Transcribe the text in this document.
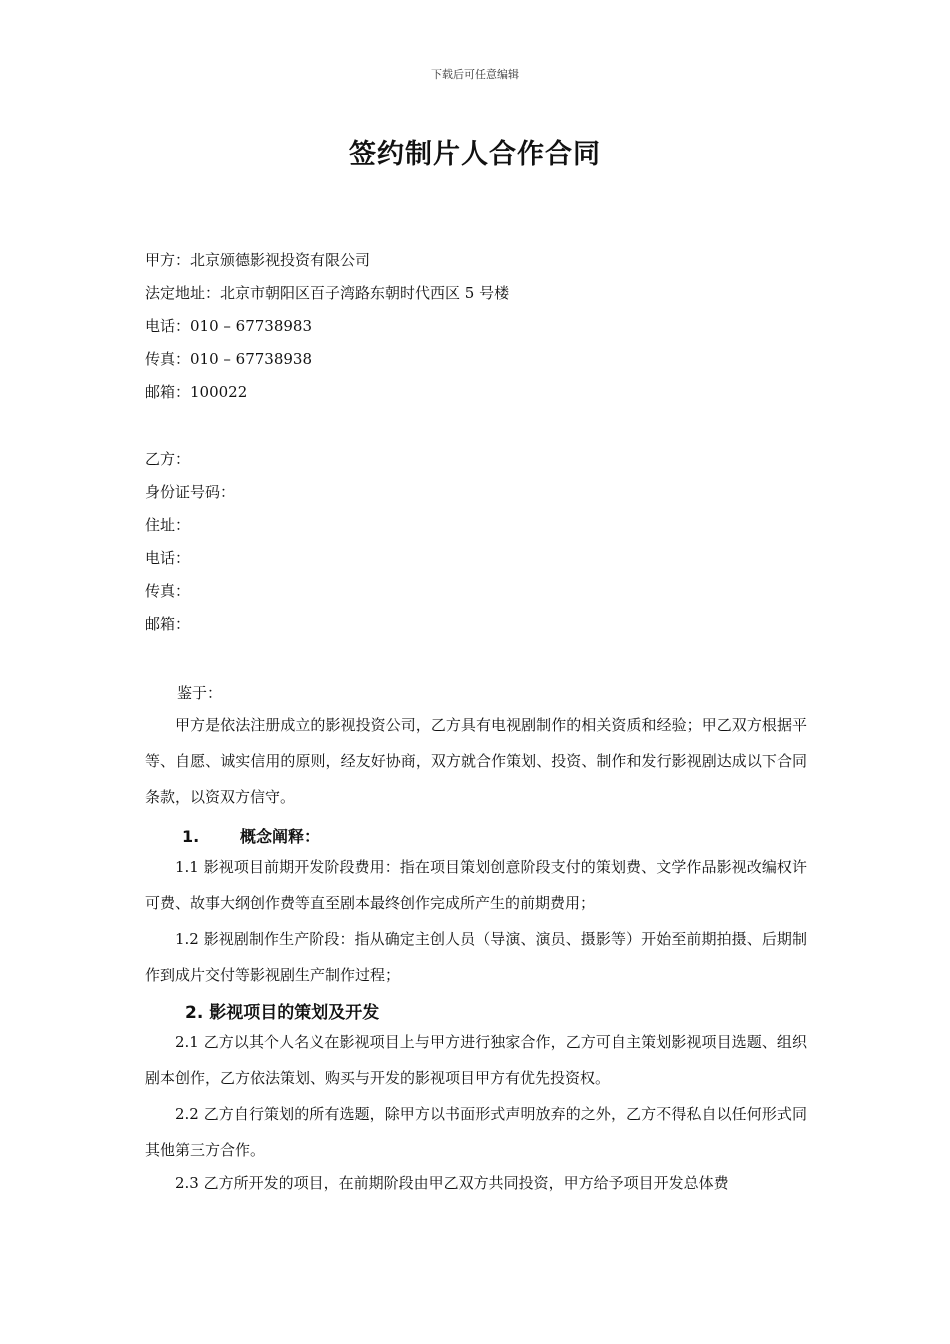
下载后可任意编辑
签约制片人合作合同
甲方：北京颁德影视投资有限公司
法定地址：北京市朝阳区百子湾路东朝时代西区 5 号楼
电话：010 – 67738983
传真：010 – 67738938
邮箱：100022
乙方：
身份证号码：
住址：
电话：
传真：
邮箱：
鉴于：
甲方是依法注册成立的影视投资公司，乙方具有电视剧制作的相关资质和经验；甲乙双方根据平等、自愿、诚实信用的原则，经友好协商，双方就合作策划、投资、制作和发行影视剧达成以下合同条款，以资双方信守。
1.	概念阐释：
1.1 影视项目前期开发阶段费用：指在项目策划创意阶段支付的策划费、文学作品影视改编权许可费、故事大纲创作费等直至剧本最终创作完成所产生的前期费用；
1.2 影视剧制作生产阶段：指从确定主创人员（导演、演员、摄影等）开始至前期拍摄、后期制作到成片交付等影视剧生产制作过程；
2. 影视项目的策划及开发
2.1 乙方以其个人名义在影视项目上与甲方进行独家合作，乙方可自主策划影视项目选题、组织剧本创作，乙方依法策划、购买与开发的影视项目甲方有优先投资权。
2.2 乙方自行策划的所有选题，除甲方以书面形式声明放弃的之外，乙方不得私自以任何形式同其他第三方合作。
2.3 乙方所开发的项目，在前期阶段由甲乙双方共同投资，甲方给予项目开发总体费
